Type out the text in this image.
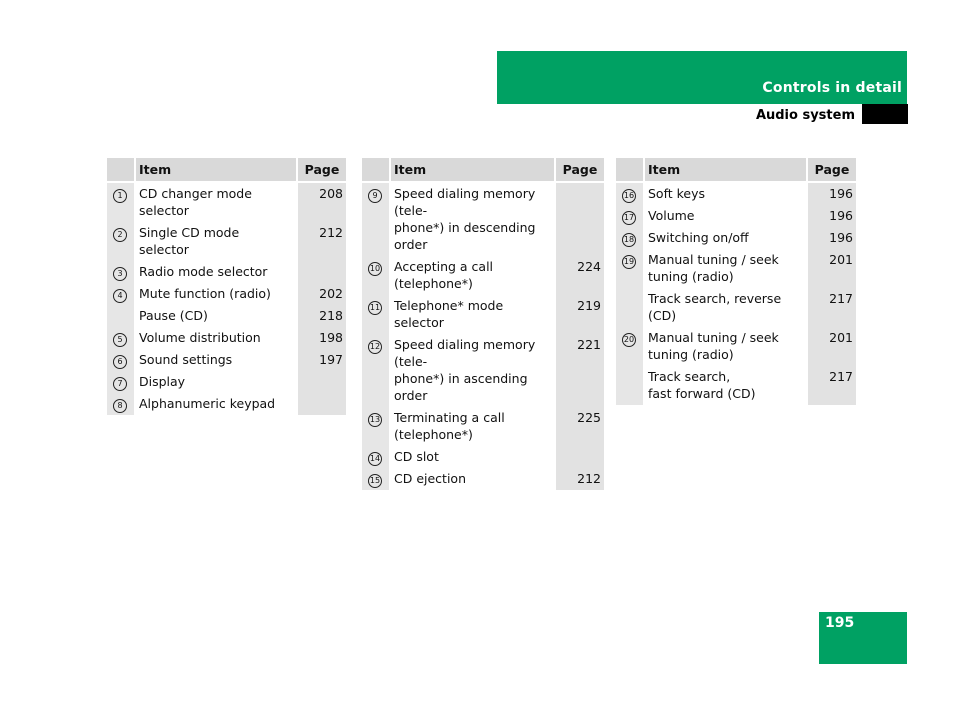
Controls in detail
Audio system
	Item	Page
1	CD changer mode selector	208
2	Single CD mode selector	212
3	Radio mode selector	
4	Mute function (radio)	202
	Pause (CD)	218
5	Volume distribution	198
6	Sound settings	197
7	Display	
8	Alphanumeric keypad	
	Item	Page
9	Speed dialing memory (tele-
phone*) in descending order	

10	Accepting a call
(telephone*)	224
11	Telephone* mode selector	219
12	Speed dialing memory (tele-
phone*) in ascending order	221
13	Terminating a call
(telephone*)	225
14	CD slot	
15	CD ejection	212
	Item	Page
16	Soft keys	196
17	Volume	196
18	Switching on/off	196
19	Manual tuning / seek
tuning (radio)	201
	Track search, reverse (CD)	217
20	Manual tuning / seek
tuning (radio)	201

	Track search,
fast forward (CD)	217
195
